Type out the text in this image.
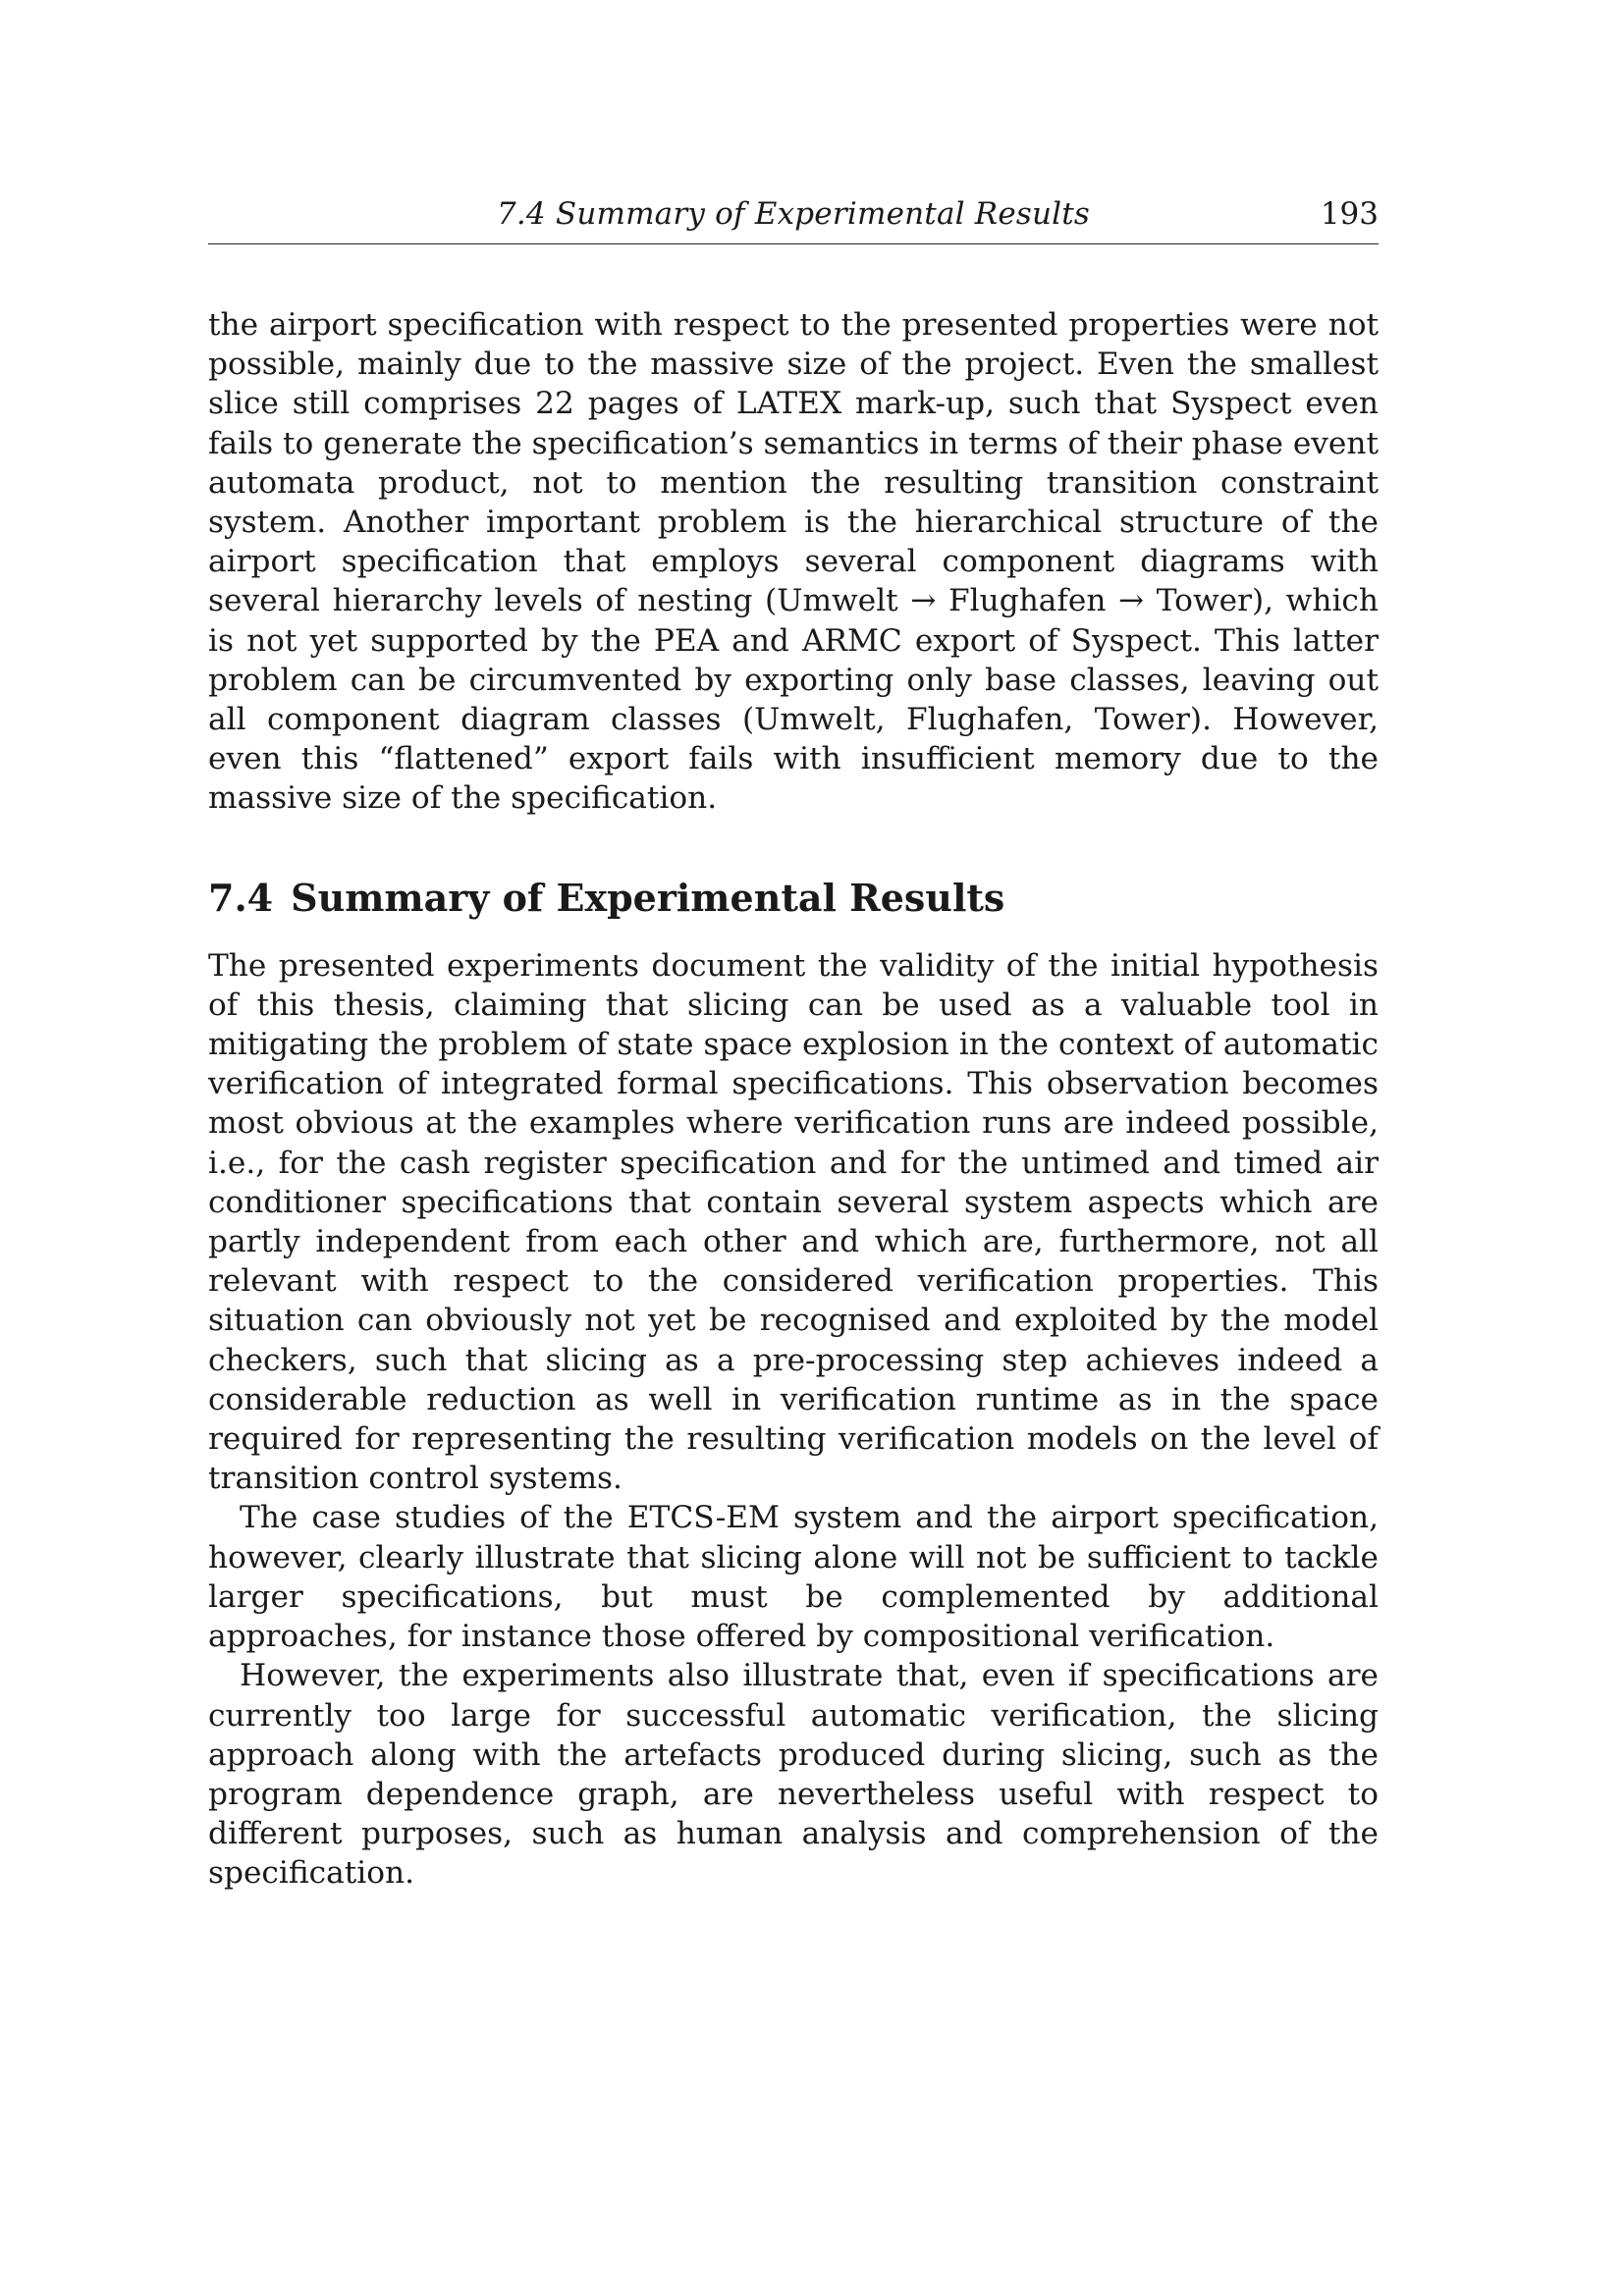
7.4 Summary of Experimental Results	193

the airport specification with respect to the presented properties were not possible, mainly due to the massive size of the project. Even the smallest slice still comprises 22 pages of LATEX mark-up, such that Syspect even fails to generate the specification’s semantics in terms of their phase event automata product, not to mention the resulting transition constraint system. Another important problem is the hierarchical structure of the airport specification that employs several component diagrams with several hierarchy levels of nesting (Umwelt → Flughafen → Tower), which is not yet supported by the PEA and ARMC export of Syspect. This latter problem can be circumvented by exporting only base classes, leaving out all component diagram classes (Umwelt, Flughafen, Tower). However, even this “flattened” export fails with insufficient memory due to the massive size of the specification.

7.4 Summary of Experimental Results

The presented experiments document the validity of the initial hypothesis of this thesis, claiming that slicing can be used as a valuable tool in mitigating the problem of state space explosion in the context of automatic verification of integrated formal specifications. This observation becomes most obvious at the examples where verification runs are indeed possible, i.e., for the cash register specification and for the untimed and timed air conditioner specifications that contain several system aspects which are partly independent from each other and which are, furthermore, not all relevant with respect to the considered verification properties. This situation can obviously not yet be recognised and exploited by the model checkers, such that slicing as a pre-processing step achieves indeed a considerable reduction as well in verification runtime as in the space required for representing the resulting verification models on the level of transition control systems.

The case studies of the ETCS-EM system and the airport specification, however, clearly illustrate that slicing alone will not be sufficient to tackle larger specifications, but must be complemented by additional approaches, for instance those offered by compositional verification.

However, the experiments also illustrate that, even if specifications are currently too large for successful automatic verification, the slicing approach along with the artefacts produced during slicing, such as the program dependence graph, are nevertheless useful with respect to different purposes, such as human analysis and comprehension of the specification.
